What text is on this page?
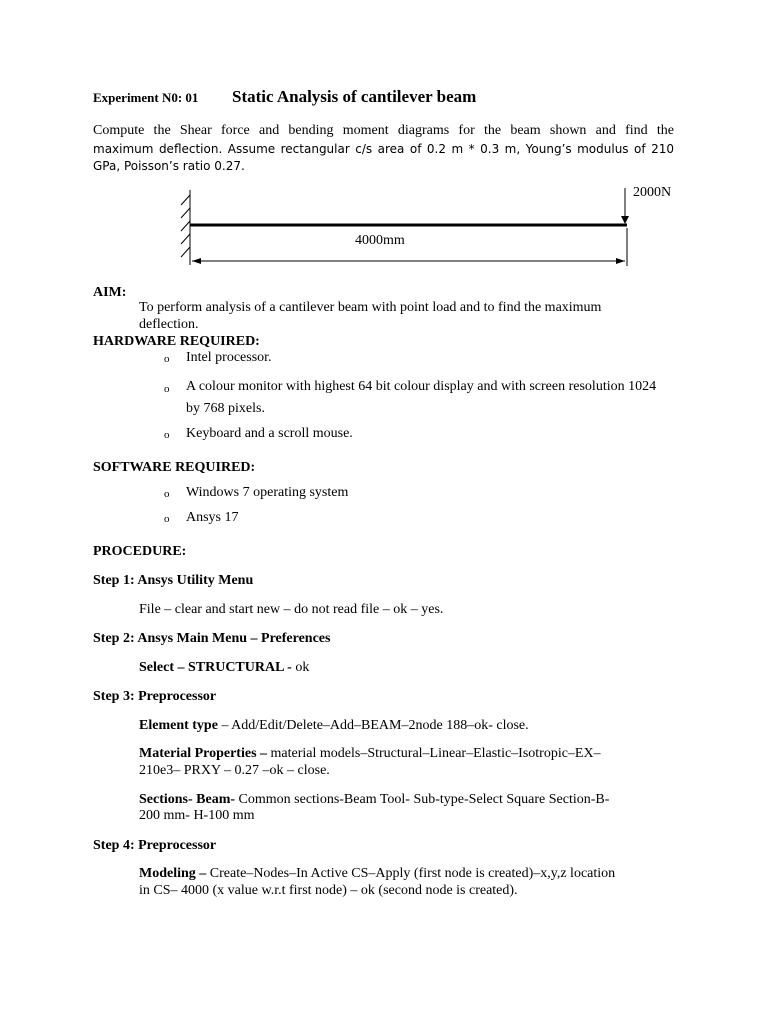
Experiment N0: 01 Static Analysis of cantilever beam
Compute the Shear force and bending moment diagrams for the beam shown and find the
maximum deflection. Assume rectangular c/s area of 0.2 m * 0.3 m, Young’s modulus of 210
GPa, Poisson’s ratio 0.27.
2000N
4000mm
AIM:
To perform analysis of a cantilever beam with point load and to find the maximum
deflection.
HARDWARE REQUIRED:
o Intel processor.
o A colour monitor with highest 64 bit colour display and with screen resolution 1024
by 768 pixels.
o Keyboard and a scroll mouse.
SOFTWARE REQUIRED:
o Windows 7 operating system
o Ansys 17
PROCEDURE:
Step 1: Ansys Utility Menu
File – clear and start new – do not read file – ok – yes.
Step 2: Ansys Main Menu – Preferences
Select – STRUCTURAL - ok
Step 3: Preprocessor
Element type – Add/Edit/Delete–Add–BEAM–2node 188–ok- close.
Material Properties – material models–Structural–Linear–Elastic–Isotropic–EX–
210e3– PRXY – 0.27 –ok – close.
Sections- Beam- Common sections-Beam Tool- Sub-type-Select Square Section-B-
200 mm- H-100 mm
Step 4: Preprocessor
Modeling – Create–Nodes–In Active CS–Apply (first node is created)–x,y,z location
in CS– 4000 (x value w.r.t first node) – ok (second node is created).
